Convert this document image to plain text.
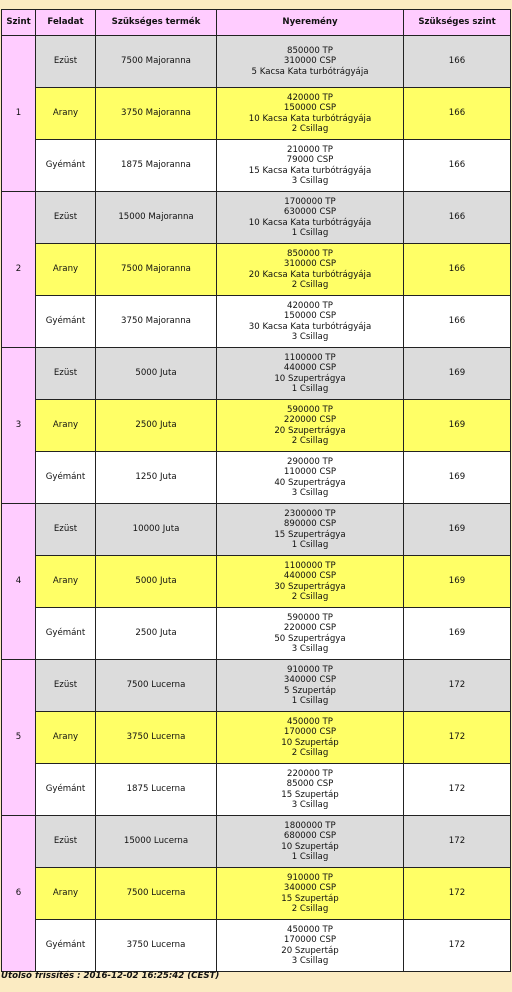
Szint	Feladat	Szükséges termék	Nyeremény	Szükséges szint
1	Ezüst	7500 Majoranna	850000 TP
310000 CSP
5 Kacsa Kata turbótrágyája	166
	Arany	3750 Majoranna	420000 TP
150000 CSP
10 Kacsa Kata turbótrágyája
2 Csillag	166
	Gyémánt	1875 Majoranna	210000 TP
79000 CSP
15 Kacsa Kata turbótrágyája
3 Csillag	166
2	Ezüst	15000 Majoranna	1700000 TP
630000 CSP
10 Kacsa Kata turbótrágyája
1 Csillag	166
	Arany	7500 Majoranna	850000 TP
310000 CSP
20 Kacsa Kata turbótrágyája
2 Csillag	166
	Gyémánt	3750 Majoranna	420000 TP
150000 CSP
30 Kacsa Kata turbótrágyája
3 Csillag	166
3	Ezüst	5000 Juta	1100000 TP
440000 CSP
10 Szupertrágya
1 Csillag	169
	Arany	2500 Juta	590000 TP
220000 CSP
20 Szupertrágya
2 Csillag	169
	Gyémánt	1250 Juta	290000 TP
110000 CSP
40 Szupertrágya
3 Csillag	169
4	Ezüst	10000 Juta	2300000 TP
890000 CSP
15 Szupertrágya
1 Csillag	169
	Arany	5000 Juta	1100000 TP
440000 CSP
30 Szupertrágya
2 Csillag	169
	Gyémánt	2500 Juta	590000 TP
220000 CSP
50 Szupertrágya
3 Csillag	169
5	Ezüst	7500 Lucerna	910000 TP
340000 CSP
5 Szupertáp
1 Csillag	172
	Arany	3750 Lucerna	450000 TP
170000 CSP
10 Szupertáp
2 Csillag	172
	Gyémánt	1875 Lucerna	220000 TP
85000 CSP
15 Szupertáp
3 Csillag	172
6	Ezüst	15000 Lucerna	1800000 TP
680000 CSP
10 Szupertáp
1 Csillag	172
	Arany	7500 Lucerna	910000 TP
340000 CSP
15 Szupertáp
2 Csillag	172
	Gyémánt	3750 Lucerna	450000 TP
170000 CSP
20 Szupertáp
3 Csillag	172
Utolsó frissítés : 2016-12-02 16:25:42 (CEST)
